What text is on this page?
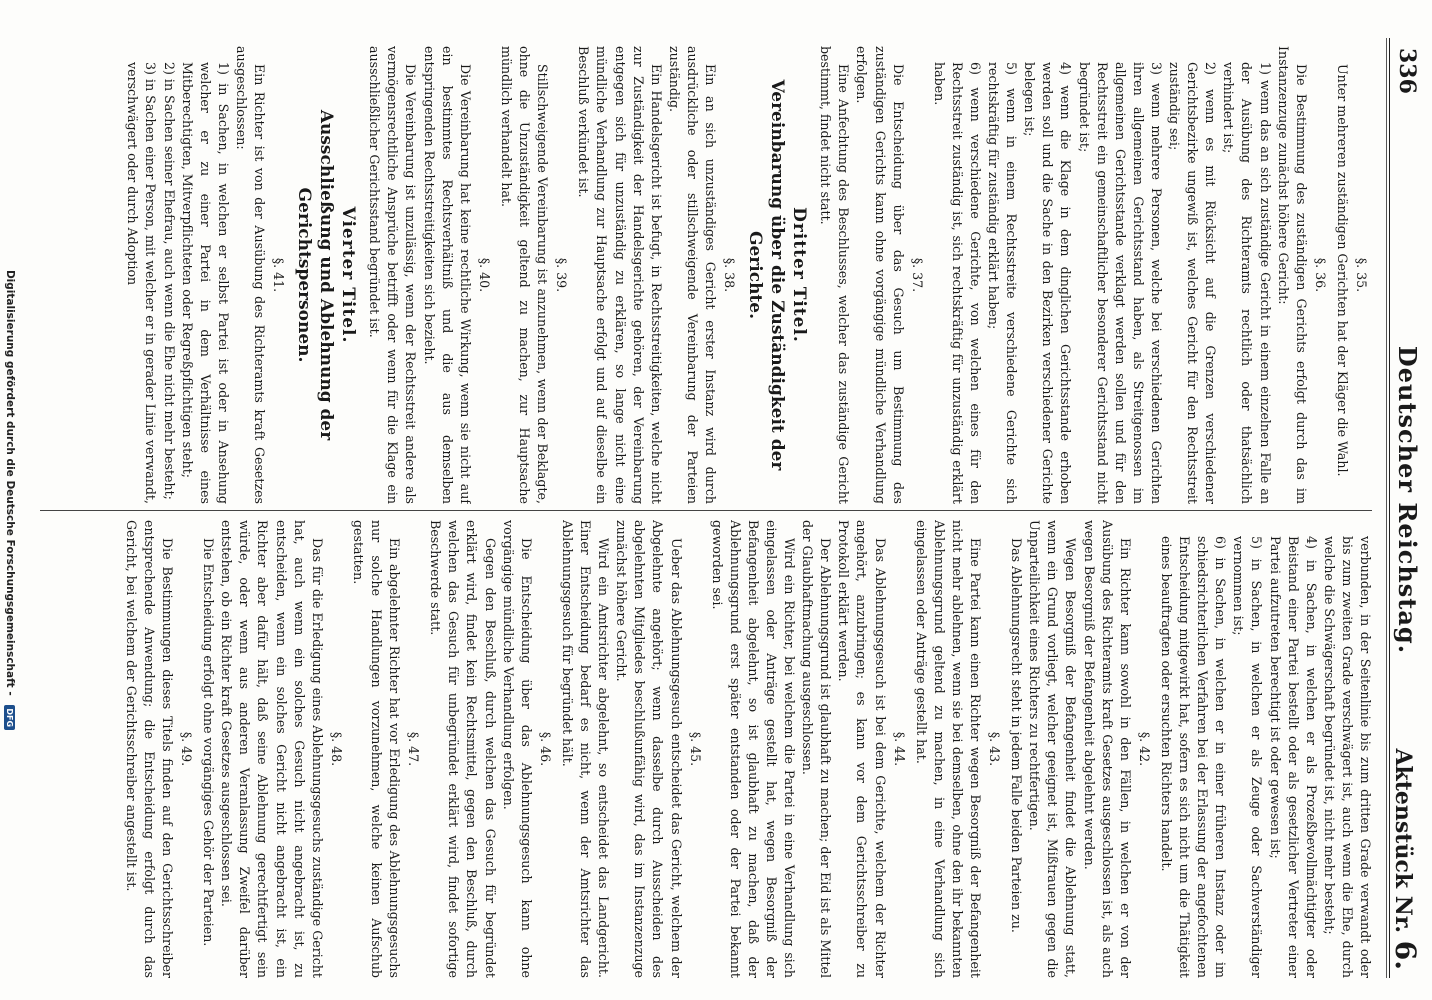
336
Deutscher Reichstag.
Aktenstück Nr. 6.
§. 35.

Unter mehreren zuständigen Gerichten hat der Kläger die Wahl.

§. 36.

Die Bestimmung des zuständigen Gerichts erfolgt durch das im Instanzenzuge zunächst höhere Gericht:

1) wenn das an sich zuständige Gericht in einem einzelnen Falle an der Ausübung des Richteramts rechtlich oder thatsächlich verhindert ist;

2) wenn es mit Rücksicht auf die Grenzen verschiedener Gerichtsbezirke ungewiß ist, welches Gericht für den Rechtsstreit zuständig sei;

3) wenn mehrere Personen, welche bei verschiedenen Gerichten ihren allgemeinen Gerichtsstand haben, als Streitgenossen im allgemeinen Gerichtsstande verklagt werden sollen und für den Rechtsstreit ein gemeinschaftlicher besonderer Gerichtsstand nicht begründet ist;

4) wenn die Klage in dem dinglichen Gerichtsstande erhoben werden soll und die Sache in den Bezirken verschiedener Gerichte belegen ist;

5) wenn in einem Rechtsstreite verschiedene Gerichte sich rechtskräftig für zuständig erklärt haben;

6) wenn verschiedene Gerichte, von welchen eines für den Rechtsstreit zuständig ist, sich rechtskräftig für unzuständig erklärt haben.

§. 37.

Die Entscheidung über das Gesuch um Bestimmung des zuständigen Gerichts kann ohne vorgängige mündliche Verhandlung erfolgen.

Eine Anfechtung des Beschlusses, welcher das zuständige Gericht bestimmt, findet nicht statt.

Dritter Titel.
Vereinbarung über die Zuständigkeit der Gerichte.
§. 38.

Ein an sich unzuständiges Gericht erster Instanz wird durch ausdrückliche oder stillschweigende Vereinbarung der Parteien zuständig.

Ein Handelsgericht ist befugt, in Rechtsstreitigkeiten, welche nicht zur Zuständigkeit der Handelsgerichte gehören, der Vereinbarung entgegen sich für unzuständig zu erklären, so lange nicht eine mündliche Verhandlung zur Hauptsache erfolgt und auf dieselbe ein Beschluß verkündet ist.

§. 39.

Stillschweigende Vereinbarung ist anzunehmen, wenn der Beklagte, ohne die Unzuständigkeit geltend zu machen, zur Hauptsache mündlich verhandelt hat.

§. 40.

Die Vereinbarung hat keine rechtliche Wirkung, wenn sie nicht auf ein bestimmtes Rechtsverhältniß und die aus demselben entspringenden Rechtsstreitigkeiten sich bezieht.

Die Vereinbarung ist unzulässig, wenn der Rechtsstreit andere als vermögensrechtliche Ansprüche betrifft oder wenn für die Klage ein ausschließlicher Gerichtsstand begründet ist.

Vierter Titel.
Ausschließung und Ablehnung der Gerichtspersonen.
§. 41.

Ein Richter ist von der Ausübung des Richteramts kraft Gesetzes ausgeschlossen:

1) in Sachen, in welchen er selbst Partei ist oder in Ansehung welcher er zu einer Partei in dem Verhältnisse eines Mitberechtigten, Mitverpflichteten oder Regreßpflichtigen steht;

2) in Sachen seiner Ehefrau, auch wenn die Ehe nicht mehr besteht;

3) in Sachen einer Person, mit welcher er in gerader Linie verwandt, verschwägert oder durch Adoption

verbunden, in der Seitenlinie bis zum dritten Grade verwandt oder bis zum zweiten Grade verschwägert ist, auch wenn die Ehe, durch welche die Schwägerschaft begründet ist, nicht mehr besteht;

4) in Sachen, in welchen er als Prozeßbevollmächtigter oder Beistand einer Partei bestellt oder als gesetzlicher Vertreter einer Partei aufzutreten berechtigt ist oder gewesen ist;

5) in Sachen, in welchen er als Zeuge oder Sachverständiger vernommen ist;

6) in Sachen, in welchen er in einer früheren Instanz oder im schiedsrichterlichen Verfahren bei der Erlassung der angefochtenen Entscheidung mitgewirkt hat, sofern es sich nicht um die Thätigkeit eines beauftragten oder ersuchten Richters handelt.

§. 42.

Ein Richter kann sowohl in den Fällen, in welchen er von der Ausübung des Richteramts kraft Gesetzes ausgeschlossen ist, als auch wegen Besorgniß der Befangenheit abgelehnt werden.

Wegen Besorgniß der Befangenheit findet die Ablehnung statt, wenn ein Grund vorliegt, welcher geeignet ist, Mißtrauen gegen die Unparteilichkeit eines Richters zu rechtfertigen.

Das Ablehnungsrecht steht in jedem Falle beiden Parteien zu.

§. 43.

Eine Partei kann einen Richter wegen Besorgniß der Befangenheit nicht mehr ablehnen, wenn sie bei demselben, ohne den ihr bekannten Ablehnungsgrund geltend zu machen, in eine Verhandlung sich eingelassen oder Anträge gestellt hat.

§. 44.

Das Ablehnungsgesuch ist bei dem Gerichte, welchem der Richter angehört, anzubringen; es kann vor dem Gerichtsschreiber zu Protokoll erklärt werden.

Der Ablehnungsgrund ist glaubhaft zu machen; der Eid ist als Mittel der Glaubhaftmachung ausgeschlossen.

Wird ein Richter, bei welchem die Partei in eine Verhandlung sich eingelassen oder Anträge gestellt hat, wegen Besorgniß der Befangenheit abgelehnt, so ist glaubhaft zu machen, daß der Ablehnungsgrund erst später entstanden oder der Partei bekannt geworden sei.

§. 45.

Ueber das Ablehnungsgesuch entscheidet das Gericht, welchem der Abgelehnte angehört; wenn dasselbe durch Ausscheiden des abgelehnten Mitgliedes beschlußunfähig wird, das im Instanzenzuge zunächst höhere Gericht.

Wird ein Amtsrichter abgelehnt, so entscheidet das Landgericht. Einer Entscheidung bedarf es nicht, wenn der Amtsrichter das Ablehnungsgesuch für begründet hält.

§. 46.

Die Entscheidung über das Ablehnungsgesuch kann ohne vorgängige mündliche Verhandlung erfolgen.

Gegen den Beschluß, durch welchen das Gesuch für begründet erklärt wird, findet kein Rechtsmittel, gegen den Beschluß, durch welchen das Gesuch für unbegründet erklärt wird, findet sofortige Beschwerde statt.

§. 47.

Ein abgelehnter Richter hat vor Erledigung des Ablehnungsgesuchs nur solche Handlungen vorzunehmen, welche keinen Aufschub gestatten.

§. 48.

Das für die Erledigung eines Ablehnungsgesuchs zuständige Gericht hat, auch wenn ein solches Gesuch nicht angebracht ist, zu entscheiden, wenn ein solches Gericht nicht angebracht ist, ein Richter aber dafür hält, daß seine Ablehnung gerechtfertigt sein würde, oder wenn aus anderen Veranlassung Zweifel darüber entstehen, ob ein Richter kraft Gesetzes ausgeschlossen sei.

Die Entscheidung erfolgt ohne vorgängiges Gehör der Parteien.

§. 49.

Die Bestimmungen dieses Titels finden auf den Gerichtsschreiber entsprechende Anwendung; die Entscheidung erfolgt durch das Gericht, bei welchem der Gerichtsschreiber angestellt ist.

Digitalisierung gefördert durch die Deutsche Forschungsgemeinschaft - DFG
